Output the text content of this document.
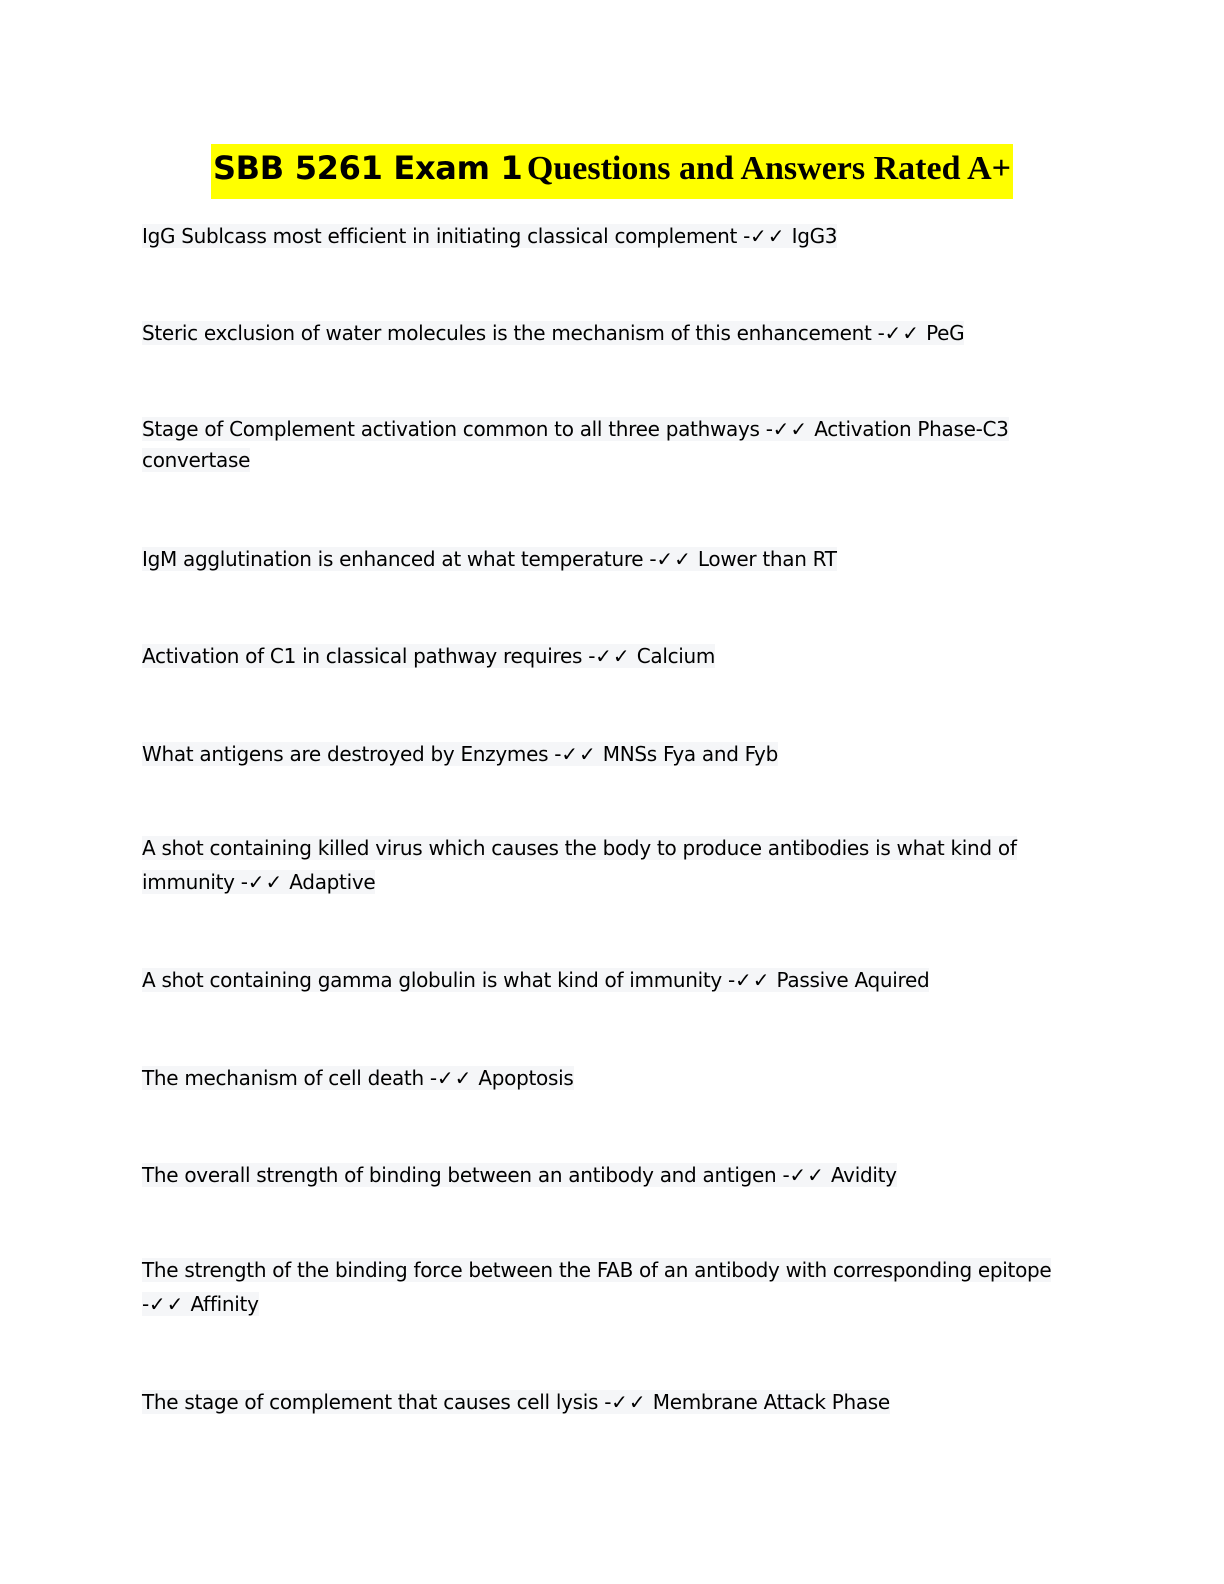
SBB 5261 Exam 1 Questions and Answers Rated A+
IgG Sublcass most efficient in initiating classical complement -✓✓ IgG3
Steric exclusion of water molecules is the mechanism of this enhancement -✓✓ PeG
Stage of Complement activation common to all three pathways -✓✓ Activation Phase-C3 convertase
IgM agglutination is enhanced at what temperature -✓✓ Lower than RT
Activation of C1 in classical pathway requires -✓✓ Calcium
What antigens are destroyed by Enzymes -✓✓ MNSs Fya and Fyb
A shot containing killed virus which causes the body to produce antibodies is what kind of immunity -✓✓ Adaptive
A shot containing gamma globulin is what kind of immunity -✓✓ Passive Aquired
The mechanism of cell death -✓✓ Apoptosis
The overall strength of binding between an antibody and antigen -✓✓ Avidity
The strength of the binding force between the FAB of an antibody with corresponding epitope -✓✓ Affinity
The stage of complement that causes cell lysis -✓✓ Membrane Attack Phase
